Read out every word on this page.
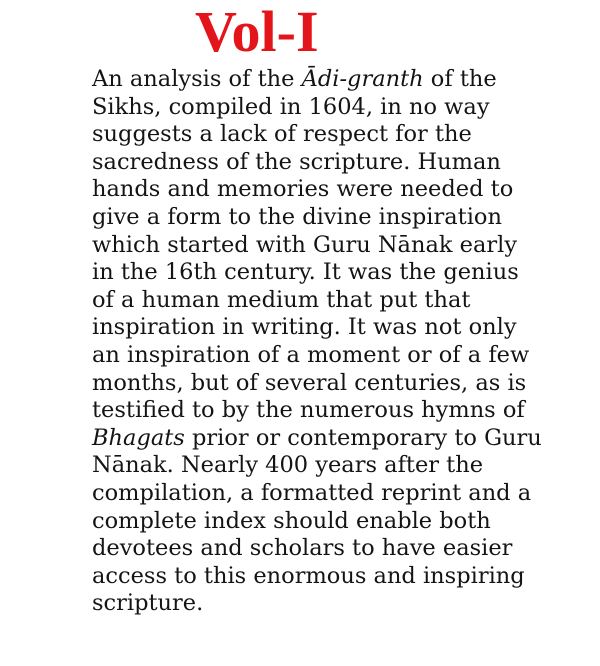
Vol-I

An analysis of the Ādi-granth of the
Sikhs, compiled in 1604, in no way
suggests a lack of respect for the
sacredness of the scripture. Human
hands and memories were needed to
give a form to the divine inspiration
which started with Guru Nānak early
in the 16th century. It was the genius
of a human medium that put that
inspiration in writing. It was not only
an inspiration of a moment or of a few
months, but of several centuries, as is
testified to by the numerous hymns of
Bhagats prior or contemporary to Guru
Nānak. Nearly 400 years after the
compilation, a formatted reprint and a
complete index should enable both
devotees and scholars to have easier
access to this enormous and inspiring
scripture.
